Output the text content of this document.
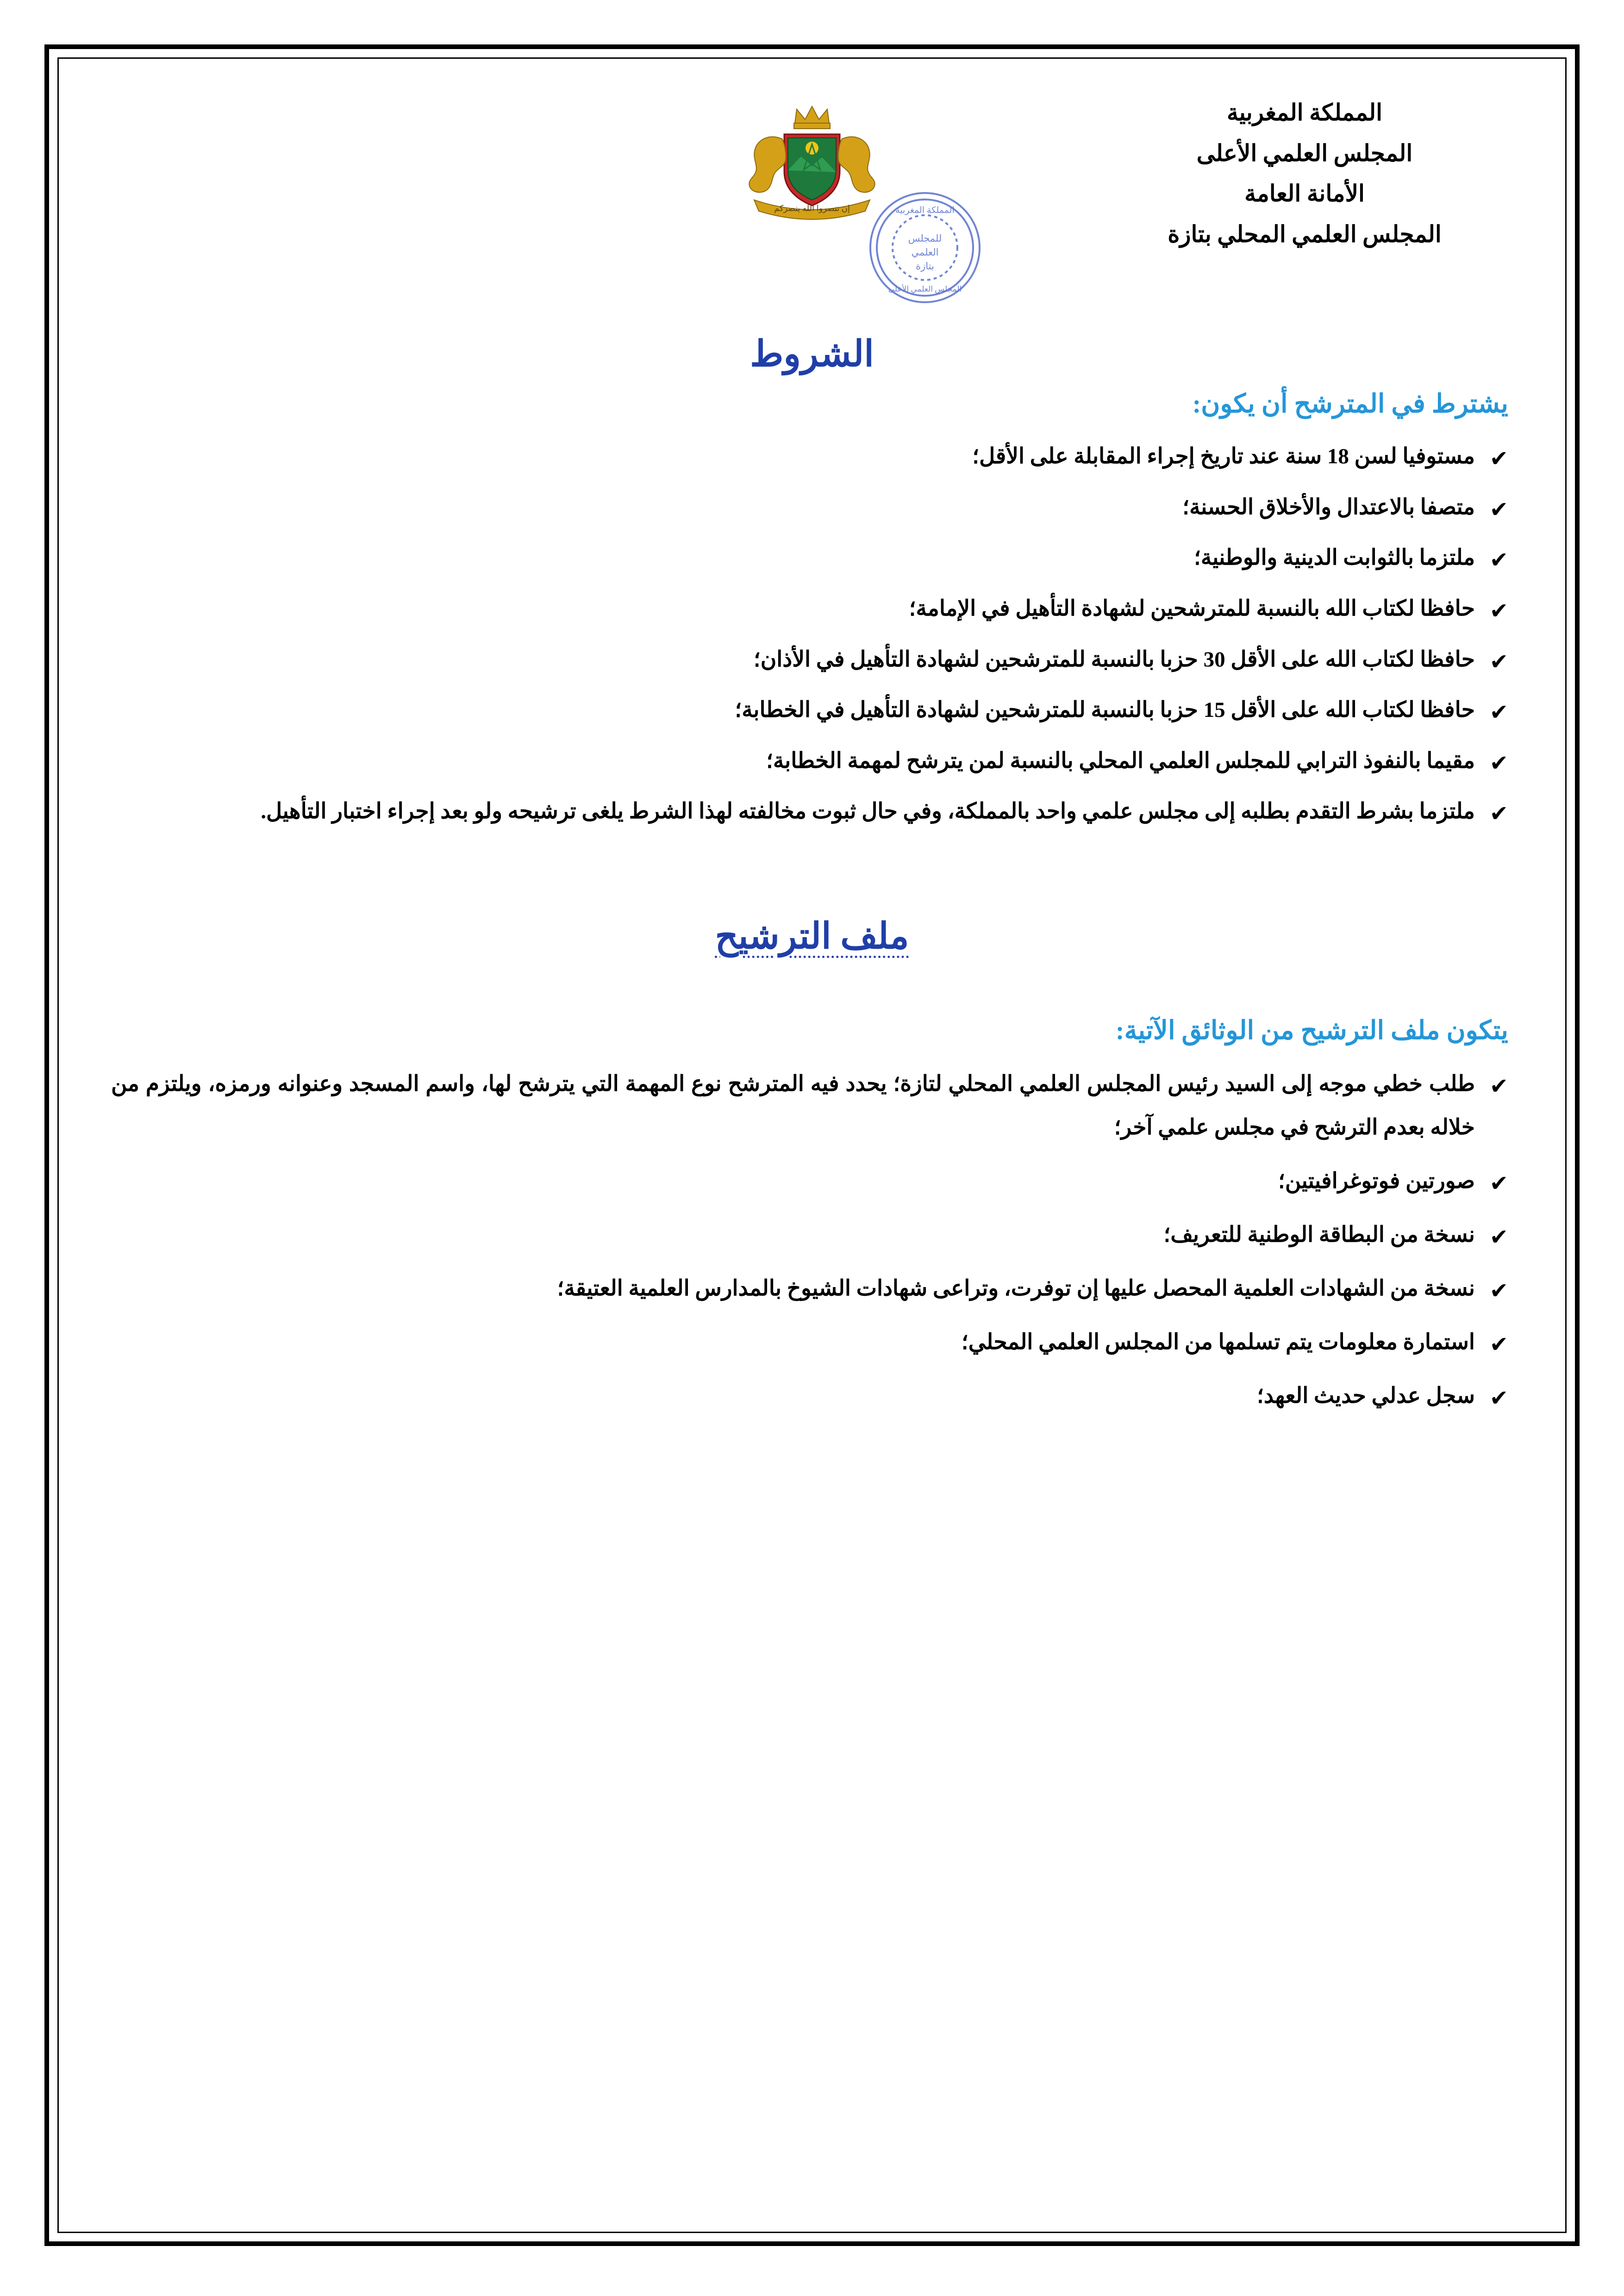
المملكة المغربية
المجلس العلمي الأعلى
الأمانة العامة
المجلس العلمي المحلي بتازة
إن تنصروا الله ينصركم	المملكة المغربية
للمجلس
العلمي
بتازة
المجلس العلمي الأعلى
الشروط
يشترط في المترشح أن يكون:
✔
مستوفيا لسن 18 سنة عند تاريخ إجراء المقابلة على الأقل؛
✔
متصفا بالاعتدال والأخلاق الحسنة؛
✔
ملتزما بالثوابت الدينية والوطنية؛
✔
حافظا لكتاب الله بالنسبة للمترشحين لشهادة التأهيل في الإمامة؛
✔
حافظا لكتاب الله على الأقل 30 حزبا بالنسبة للمترشحين لشهادة التأهيل في الأذان؛
✔
حافظا لكتاب الله على الأقل 15 حزبا بالنسبة للمترشحين لشهادة التأهيل في الخطابة؛
✔
مقيما بالنفوذ الترابي للمجلس العلمي المحلي بالنسبة لمن يترشح لمهمة الخطابة؛
✔
ملتزما بشرط التقدم بطلبه إلى مجلس علمي واحد بالمملكة، وفي حال ثبوت مخالفته لهذا الشرط يلغى ترشيحه ولو بعد إجراء اختبار التأهيل.
ملف الترشيح
يتكون ملف الترشيح من الوثائق الآتية:
✔
طلب خطي موجه إلى السيد رئيس المجلس العلمي المحلي لتازة؛ يحدد فيه المترشح نوع المهمة التي يترشح لها، واسم المسجد وعنوانه ورمزه، ويلتزم من خلاله بعدم الترشح في مجلس علمي آخر؛
✔
صورتين فوتوغرافيتين؛
✔
نسخة من البطاقة الوطنية للتعريف؛
✔
نسخة من الشهادات العلمية المحصل عليها إن توفرت، وتراعى شهادات الشيوخ بالمدارس العلمية العتيقة؛
✔
استمارة معلومات يتم تسلمها من المجلس العلمي المحلي؛
✔
سجل عدلي حديث العهد؛
